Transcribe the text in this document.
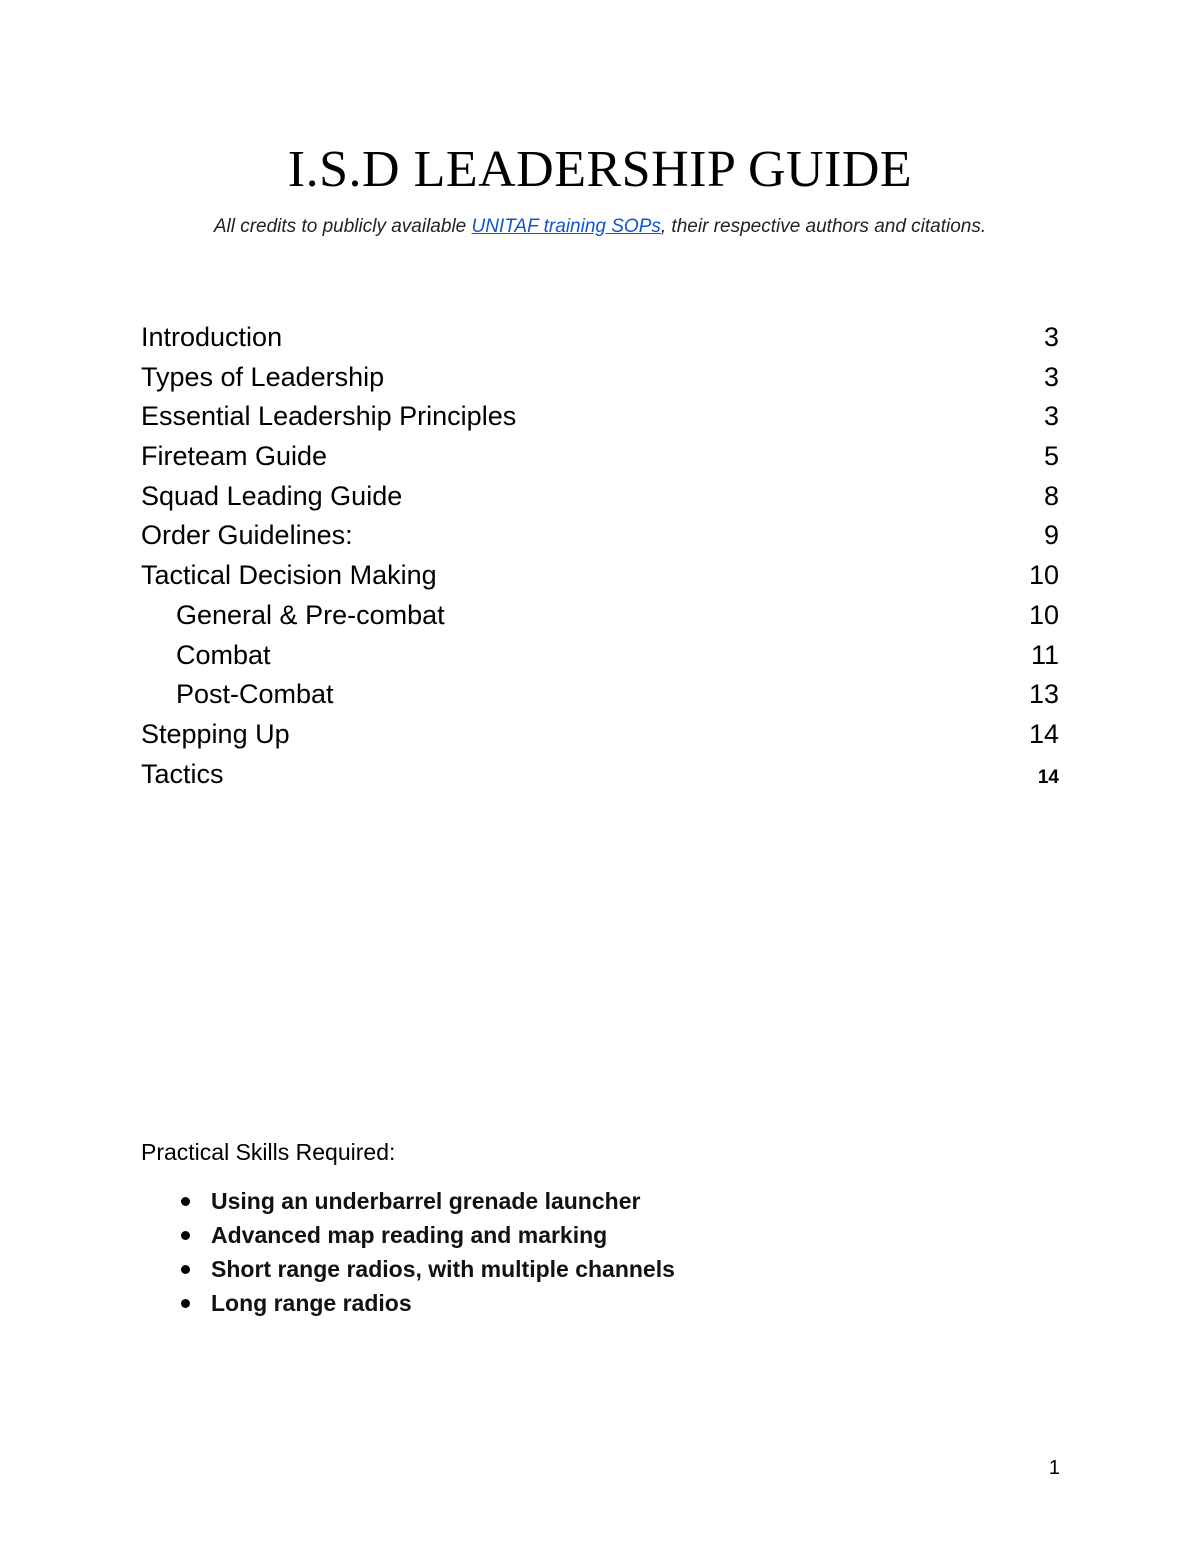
I.S.D LEADERSHIP GUIDE
All credits to publicly available UNITAF training SOPs, their respective authors and citations.
Introduction	3
Types of Leadership	3
Essential Leadership Principles	3
Fireteam Guide	5
Squad Leading Guide	8
Order Guidelines:	9
Tactical Decision Making	10
General & Pre-combat	10
Combat	11
Post-Combat	13
Stepping Up	14
Tactics	14

Practical Skills Required:

Using an underbarrel grenade launcher
Advanced map reading and marking
Short range radios, with multiple channels
Long range radios
1
